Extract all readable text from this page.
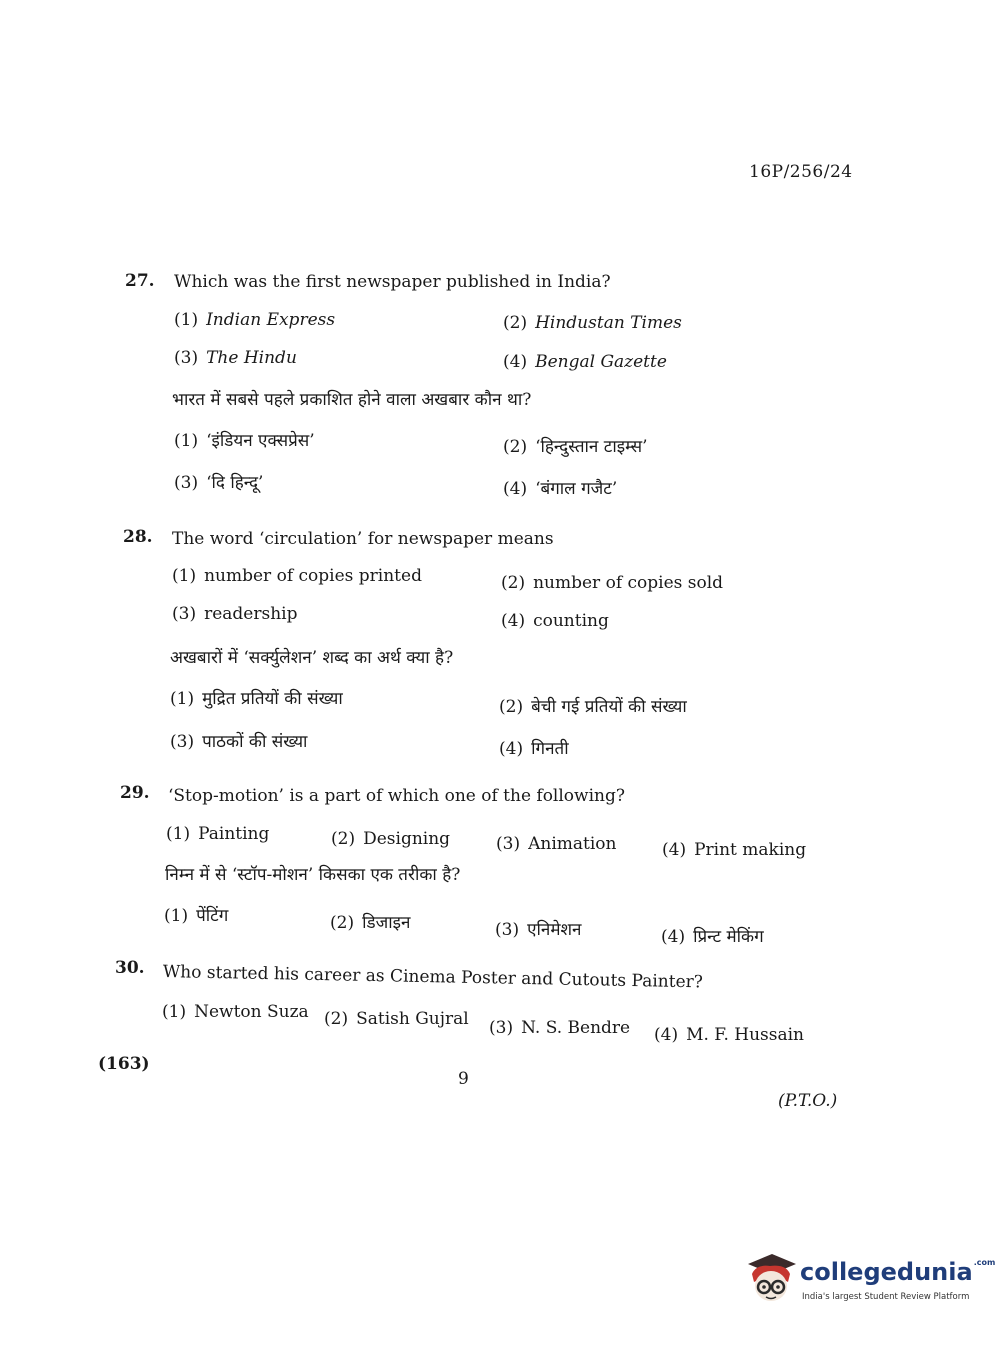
16P/256/24
27. Which was the first newspaper published in India?
(1) Indian Express	(2) Hindustan Times
(3) The Hindu	(4) Bengal Gazette
भारत में सबसे पहले प्रकाशित होने वाला अखबार कौन था?
(1) ‘इंडियन एक्सप्रेस’	(2) ‘हिन्दुस्तान टाइम्स’
(3) ‘दि हिन्दू’	(4) ‘बंगाल गजैट’
28. The word ‘circulation’ for newspaper means
(1) number of copies printed	(2) number of copies sold
(3) readership	(4) counting
अखबारों में ‘सर्क्युलेशन’ शब्द का अर्थ क्या है?
(1) मुद्रित प्रतियों की संख्या	(2) बेची गई प्रतियों की संख्या
(3) पाठकों की संख्या	(4) गिनती
29. ‘Stop-motion’ is a part of which one of the following?
(1) Painting	(2) Designing	(3) Animation	(4) Print making
निम्न में से ‘स्टॉप-मोशन’ किसका एक तरीका है?
(1) पेंटिंग	(2) डिजाइन	(3) एनिमेशन	(4) प्रिन्ट मेकिंग
30. Who started his career as Cinema Poster and Cutouts Painter?
(1) Newton Suza (2) Satish Gujral (3) N. S. Bendre (4) M. F. Hussain
(163)
9
(P.T.O.)
collegedunia$^{.com}$
India's largest Student Review Platform
